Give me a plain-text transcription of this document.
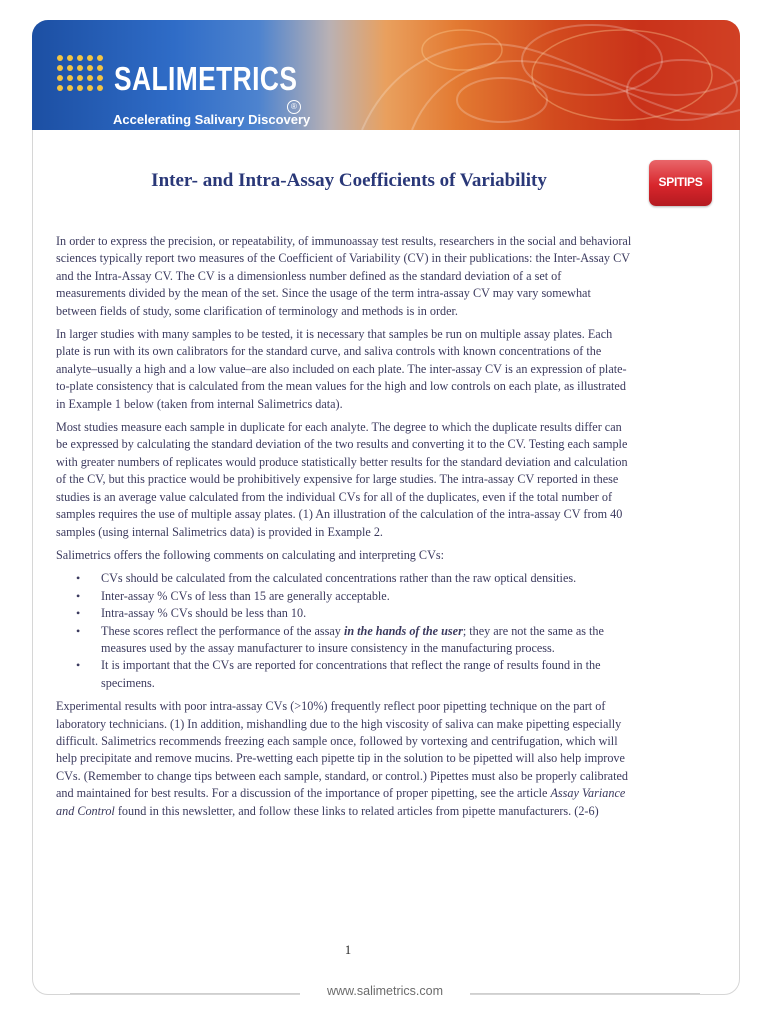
SALIMETRICS
®
Accelerating Salivary Discovery
Inter- and Intra-Assay Coefficients of Variability	SPITIPS

In order to express the precision, or repeatability, of immunoassay test results, researchers in the social and behavioral sciences typically report two measures of the Coefficient of Variability (CV) in their publications: the Inter-Assay CV and the Intra-Assay CV. The CV is a dimensionless number defined as the standard deviation of a set of measurements divided by the mean of the set. Since the usage of the term intra-assay CV may vary somewhat between fields of study, some clarification of terminology and methods is in order.

In larger studies with many samples to be tested, it is necessary that samples be run on multiple assay plates. Each plate is run with its own calibrators for the standard curve, and saliva controls with known concentrations of the analyte–usually a high and a low value–are also included on each plate. The inter-assay CV is an expression of plate-to-plate consistency that is calculated from the mean values for the high and low controls on each plate, as illustrated in Example 1 below (taken from internal Salimetrics data).

Most studies measure each sample in duplicate for each analyte. The degree to which the duplicate results differ can be expressed by calculating the standard deviation of the two results and converting it to the CV. Testing each sample with greater numbers of replicates would produce statistically better results for the standard deviation and calculation of the CV, but this practice would be prohibitively expensive for large studies. The intra-assay CV reported in these studies is an average value calculated from the individual CVs for all of the duplicates, even if the total number of samples requires the use of multiple assay plates. (1) An illustration of the calculation of the intra-assay CV from 40 samples (using internal Salimetrics data) is provided in Example 2.

Salimetrics offers the following comments on calculating and interpreting CVs:

• CVs should be calculated from the calculated concentrations rather than the raw optical densities.
• Inter-assay % CVs of less than 15 are generally acceptable.
• Intra-assay % CVs should be less than 10.
• These scores reflect the performance of the assay in the hands of the user; they are not the same as the measures used by the assay manufacturer to insure consistency in the manufacturing process.
• It is important that the CVs are reported for concentrations that reflect the range of results found in the specimens.

Experimental results with poor intra-assay CVs (>10%) frequently reflect poor pipetting technique on the part of laboratory technicians. (1) In addition, mishandling due to the high viscosity of saliva can make pipetting especially difficult. Salimetrics recommends freezing each sample once, followed by vortexing and centrifugation, which will help precipitate and remove mucins. Pre-wetting each pipette tip in the solution to be pipetted will also help improve CVs. (Remember to change tips between each sample, standard, or control.) Pipettes must also be properly calibrated and maintained for best results. For a discussion of the importance of proper pipetting, see the article Assay Variance and Control found in this newsletter, and follow these links to related articles from pipette manufacturers. (2-6)

1
www.salimetrics.com
